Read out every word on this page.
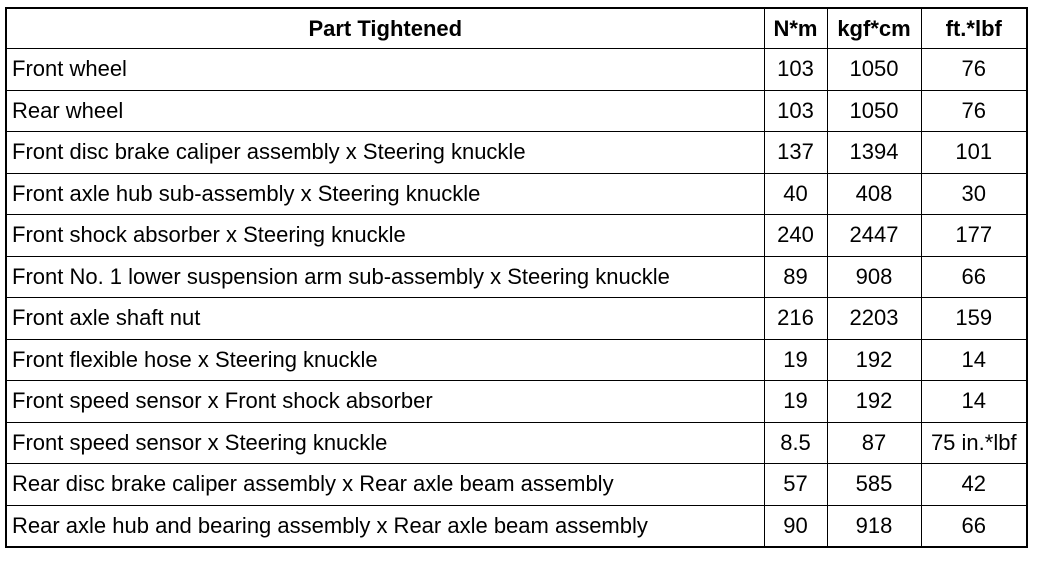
Part Tightened	N*m	kgf*cm	ft.*lbf
Front wheel	103	1050	76
Rear wheel	103	1050	76
Front disc brake caliper assembly x Steering knuckle	137	1394	101
Front axle hub sub-assembly x Steering knuckle	40	408	30
Front shock absorber x Steering knuckle	240	2447	177
Front No. 1 lower suspension arm sub-assembly x Steering knuckle	89	908	66
Front axle shaft nut	216	2203	159
Front flexible hose x Steering knuckle	19	192	14
Front speed sensor x Front shock absorber	19	192	14
Front speed sensor x Steering knuckle	8.5	87	75 in.*lbf
Rear disc brake caliper assembly x Rear axle beam assembly	57	585	42
Rear axle hub and bearing assembly x Rear axle beam assembly	90	918	66
